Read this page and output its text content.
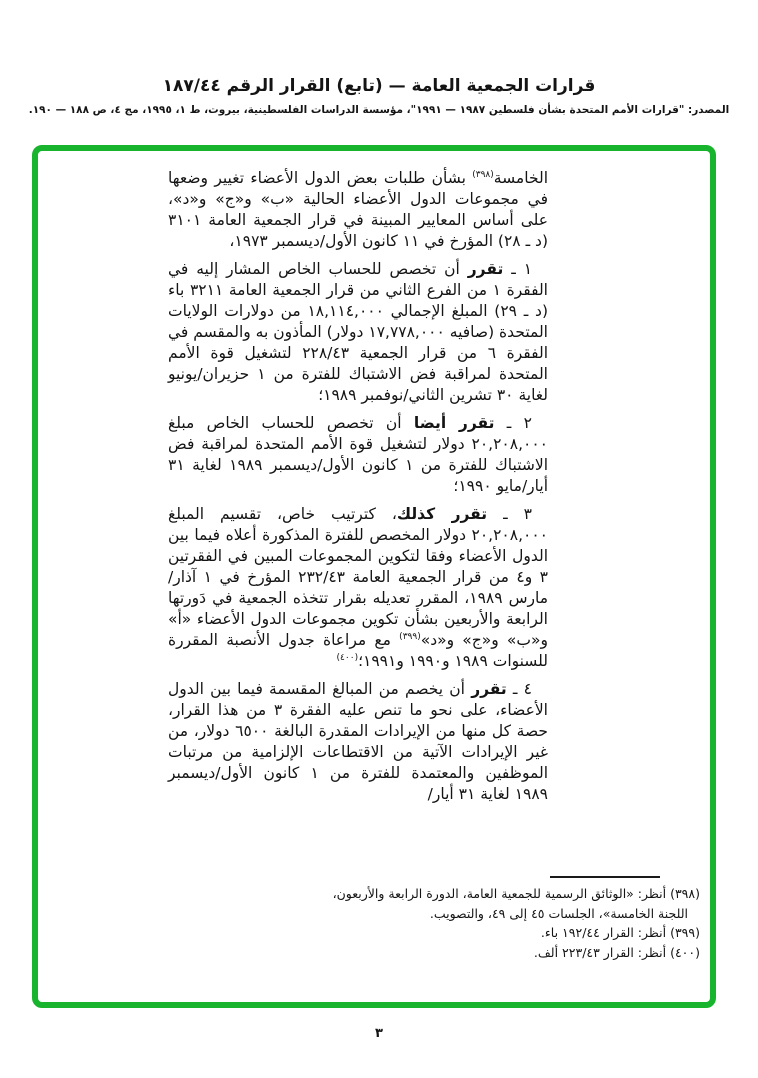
قرارات الجمعية العامة — (تابع) القرار الرقم ١٨٧/٤٤
المصدر: "قرارات الأمم المتحدة بشأن فلسطين ١٩٨٧ — ١٩٩١"، مؤسسة الدراسات الفلسطينية، بيروت، ط ١، ١٩٩٥، مج ٤، ص ١٨٨ — ١٩٠.

الخامسة$^{(٣٩٨)}$ بشأن طلبات بعض الدول الأعضاء تغيير وضعها في مجموعات الدول الأعضاء الحالية «ب» و«ج» و«د»، على أساس المعايير المبينة في قرار الجمعية العامة ٣١٠١ (د ـ ٢٨) المؤرخ في ١١ كانون الأول/ديسمبر ١٩٧٣،

١ ـ تقرر أن تخصص للحساب الخاص المشار إليه في الفقرة ١ من الفرع الثاني من قرار الجمعية العامة ٣٢١١ باء (د ـ ٢٩) المبلغ الإجمالي ١٨,١١٤,٠٠٠ من دولارات الولايات المتحدة (صافيه ١٧,٧٧٨,٠٠٠ دولار) المأذون به والمقسم في الفقرة ٦ من قرار الجمعية ٢٢٨/٤٣ لتشغيل قوة الأمم المتحدة لمراقبة فض الاشتباك للفترة من ١ حزيران/يونيو لغاية ٣٠ تشرين الثاني/نوفمبر ١٩٨٩؛

٢ ـ تقرر أيضا أن تخصص للحساب الخاص مبلغ ٢٠,٢٠٨,٠٠٠ دولار لتشغيل قوة الأمم المتحدة لمراقبة فض الاشتباك للفترة من ١ كانون الأول/ديسمبر ١٩٨٩ لغاية ٣١ أيار/مايو ١٩٩٠؛

٣ ـ تقرر كذلك، كترتيب خاص، تقسيم المبلغ ٢٠,٢٠٨,٠٠٠ دولار المخصص للفترة المذكورة أعلاه فيما بين الدول الأعضاء وفقا لتكوين المجموعات المبين في الفقرتين ٣ و٤ من قرار الجمعية العامة ٢٣٢/٤٣ المؤرخ في ١ آذار/مارس ١٩٨٩، المقرر تعديله بقرار تتخذه الجمعية في دَورتها الرابعة والأربعين بشأن تكوين مجموعات الدول الأعضاء «أ» و«ب» و«ج» و«د»$^{(٣٩٩)}$ مع مراعاة جدول الأنصبة المقررة للسنوات ١٩٨٩ و١٩٩٠ و١٩٩١؛$^{(٤٠٠)}$

٤ ـ تقرر أن يخصم من المبالغ المقسمة فيما بين الدول الأعضاء، على نحو ما تنص عليه الفقرة ٣ من هذا القرار، حصة كل منها من الإيرادات المقدرة البالغة ٦٥٠٠ دولار، من غير الإيرادات الآتية من الاقتطاعات الإلزامية من مرتبات الموظفين والمعتمدة للفترة من ١ كانون الأول/ديسمبر ١٩٨٩ لغاية ٣١ أيار/

(٣٩٨) أنظر: «الوثائق الرسمية للجمعية العامة، الدورة الرابعة والأربعون،
اللجنة الخامسة»، الجلسات ٤٥ إلى ٤٩، والتصويب.
(٣٩٩) أنظر: القرار ١٩٢/٤٤ باء.
(٤٠٠) أنظر: القرار ٢٢٣/٤٣ ألف.
٣
